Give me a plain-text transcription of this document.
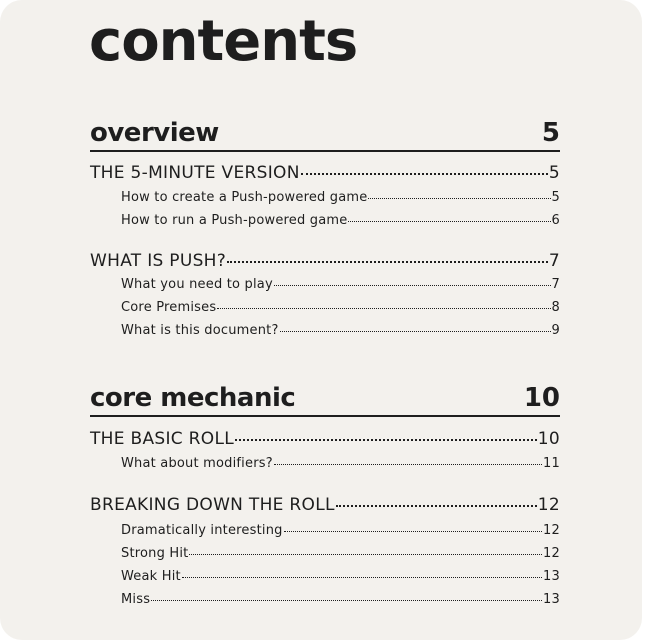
contents
overview	5
THE 5-MINUTE VERSION	5
How to create a Push-powered game	5
How to run a Push-powered game	6
WHAT IS PUSH?	7
What you need to play	7
Core Premises	8
What is this document?	9
core mechanic	10
THE BASIC ROLL	10
What about modifiers?	11
BREAKING DOWN THE ROLL	12
Dramatically interesting	12
Strong Hit	12
Weak Hit	13
Miss	13
